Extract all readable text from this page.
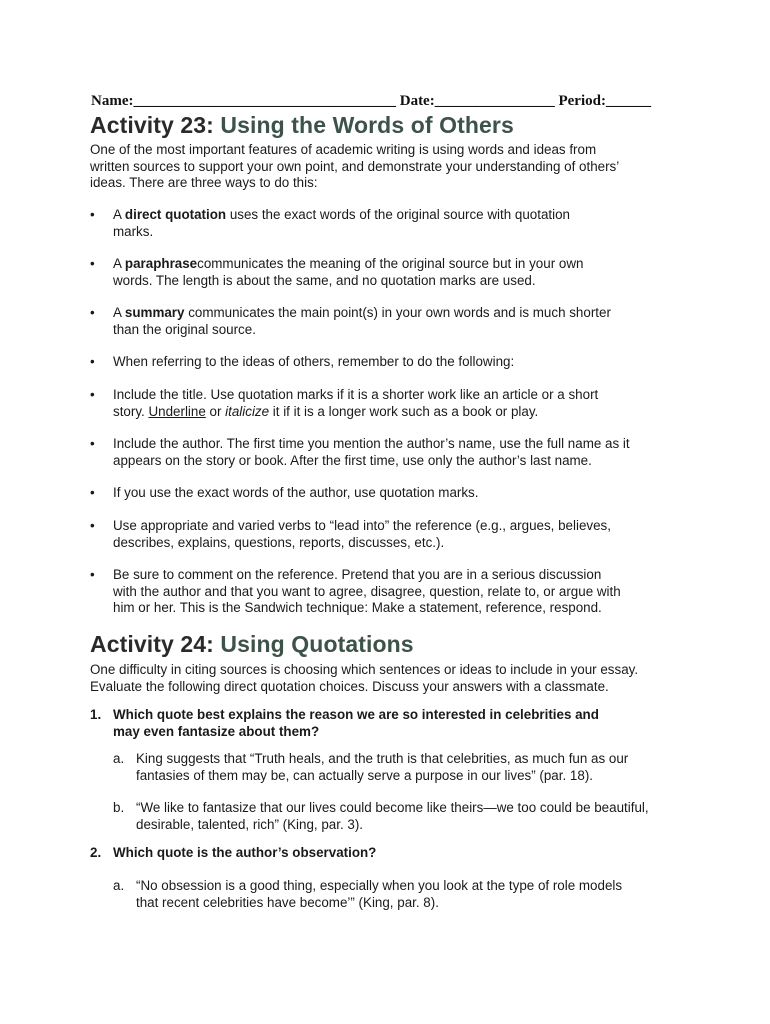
Name:___________________________________ Date:________________ Period:______
Activity 23: Using the Words of Others
One of the most important features of academic writing is using words and ideas from
written sources to support your own point, and demonstrate your understanding of others’
ideas. There are three ways to do this:
•	A direct quotation uses the exact words of the original source with quotation
marks.
•	A paraphrasecommunicates the meaning of the original source but in your own
words. The length is about the same, and no quotation marks are used.
•	A summary communicates the main point(s) in your own words and is much shorter
than the original source.
•	When referring to the ideas of others, remember to do the following:
•	Include the title. Use quotation marks if it is a shorter work like an article or a short
story. Underline or italicize it if it is a longer work such as a book or play.
•	Include the author. The first time you mention the author’s name, use the full name as it
appears on the story or book. After the first time, use only the author’s last name.
•	If you use the exact words of the author, use quotation marks.
•	Use appropriate and varied verbs to “lead into” the reference (e.g., argues, believes,
describes, explains, questions, reports, discusses, etc.).
•	Be sure to comment on the reference. Pretend that you are in a serious discussion
with the author and that you want to agree, disagree, question, relate to, or argue with
him or her. This is the Sandwich technique: Make a statement, reference, respond.
Activity 24: Using Quotations
One difficulty in citing sources is choosing which sentences or ideas to include in your essay.
Evaluate the following direct quotation choices. Discuss your answers with a classmate.
1. Which quote best explains the reason we are so interested in celebrities and
may even fantasize about them?
a. King suggests that “Truth heals, and the truth is that celebrities, as much fun as our
fantasies of them may be, can actually serve a purpose in our lives” (par. 18).
b. “We like to fantasize that our lives could become like theirs—we too could be beautiful,
desirable, talented, rich” (King, par. 3).
2. Which quote is the author’s observation?
a. “No obsession is a good thing, especially when you look at the type of role models
that recent celebrities have become’” (King, par. 8).
